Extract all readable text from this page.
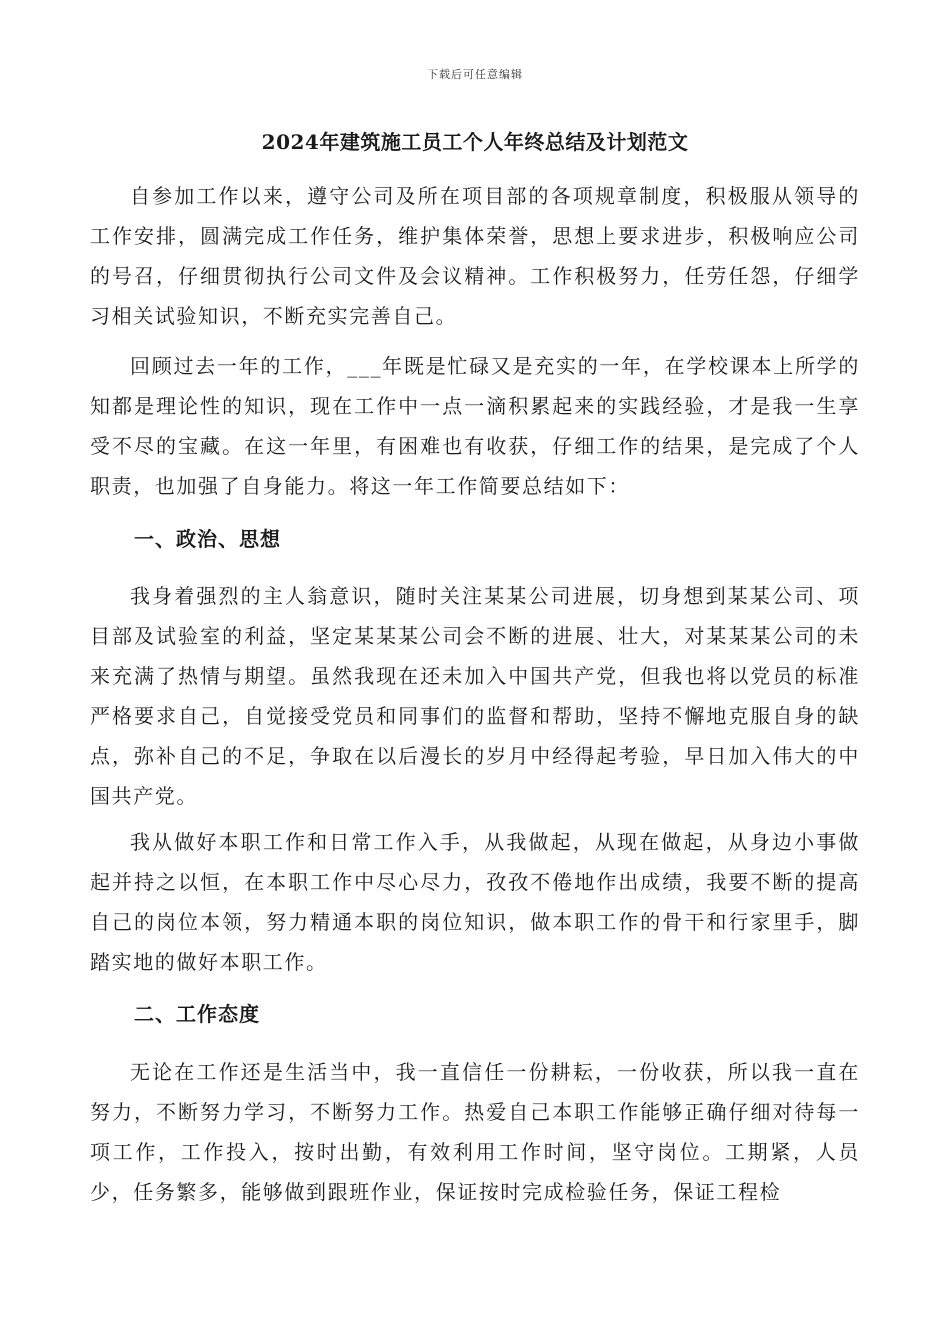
下载后可任意编辑
2024年建筑施工员工个人年终总结及计划范文

自参加工作以来，遵守公司及所在项目部的各项规章制度，积极服从领导的工作安排，圆满完成工作任务，维护集体荣誉，思想上要求进步，积极响应公司的号召，仔细贯彻执行公司文件及会议精神。工作积极努力，任劳任怨，仔细学习相关试验知识，不断充实完善自己。

回顾过去一年的工作，___年既是忙碌又是充实的一年，在学校课本上所学的知都是理论性的知识，现在工作中一点一滴积累起来的实践经验，才是我一生享受不尽的宝藏。在这一年里，有困难也有收获，仔细工作的结果，是完成了个人职责，也加强了自身能力。将这一年工作简要总结如下：

一、政治、思想

我身着强烈的主人翁意识，随时关注某某公司进展，切身想到某某公司、项目部及试验室的利益，坚定某某某公司会不断的进展、壮大，对某某某公司的未来充满了热情与期望。虽然我现在还未加入中国共产党，但我也将以党员的标准严格要求自己，自觉接受党员和同事们的监督和帮助，坚持不懈地克服自身的缺点，弥补自己的不足，争取在以后漫长的岁月中经得起考验，早日加入伟大的中国共产党。

我从做好本职工作和日常工作入手，从我做起，从现在做起，从身边小事做起并持之以恒，在本职工作中尽心尽力，孜孜不倦地作出成绩，我要不断的提高自己的岗位本领，努力精通本职的岗位知识，做本职工作的骨干和行家里手，脚踏实地的做好本职工作。

二、工作态度

无论在工作还是生活当中，我一直信任一份耕耘，一份收获，所以我一直在努力，不断努力学习，不断努力工作。热爱自己本职工作能够正确仔细对待每一项工作，工作投入，按时出勤，有效利用工作时间，坚守岗位。工期紧，人员少，任务繁多，能够做到跟班作业，保证按时完成检验任务，保证工程检
